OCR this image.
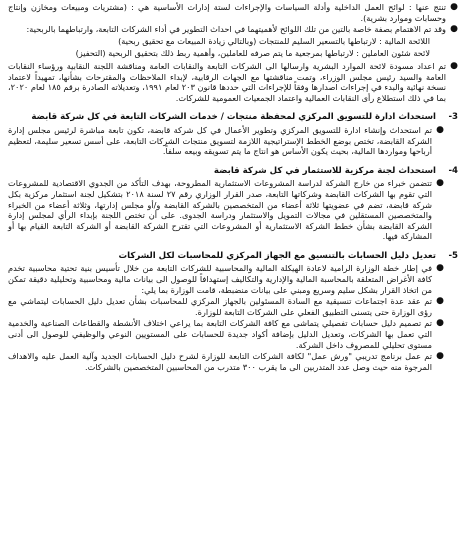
●
تنتج عنها : لوائح العمل الداخلية وأدلة السياسات والإجراءات لستة إدارات الأساسية هي : (مشتريات ومبيعات ومخازن وإنتاج وحسابات وموارد بشرية).
●
وقد تم الاهتمام بصفة خاصة بالتين من تلك اللوائح لأهميتهما في احداث التطوير في أداء الشركات التابعة، وارتباطهما بالربحية:
اللائحة المالية : لارتباطها بالتسعير السليم للمنتجات (وبالتالي زيادة المبيعات مع تحقيق ربحية)
لائحة شئون العاملين : لارتباطها بمرجعية ما يتم صرفه للعاملين، وأهمية ربط ذلك بتحقيق الربحية (التحفيز)
●
تم اعداد مسودة لائحة الموارد البشرية وارسالها الى الشركات التابعة والنقابات العامة ومناقشة اللجنة النقابية ورؤساء النقابات العامة والسيد رئيس مجلس الوزراء، وتمت مناقشتها مع الجهات الرقابية، لإبداء الملاحظات والمقترحات بشأنها، تمهيداً لاعتماد نسخة نهائية والبدء في إجراءات اصدارها وفقاً للإجراءات التي حددها قانون ٢٠٣ لعام ١٩٩١، وتعديلاته الصادرة برقم ١٨٥ لعام ٢٠٢٠، بما في ذلك استطلاع رأى النقابات العمالية واعتماد الجمعيات العمومية للشركات.
-3
استحداث ادارة للتسويق المركزي لمحفظة منتجات / خدمات الشركات التابعة في كل شركة قابضة
●
تم استحداث وإنشاء ادارة للتسويق المركزي وتطوير الأعمال في كل شركة قابضة، تكون تابعة مباشرة لرئيس مجلس إدارة الشركة القابضة، تختص بوضع الخطط الإستراتيجية اللازمة لتسويق منتجات الشركات التابعة، على أسس تسعير سليمة، لتعظيم أرباحها ومواردها المالية، بحيث يكون الأساس هو انتاج ما يتم تسويقه وبيعه سلفاً.
-4
استحداث لجنة مركزية للاستثمار في كل شركة قابضة
●
تتضمن خبراء من خارج الشركة لدراسة المشروعات الاستثمارية المطروحة، بهدف التأكد من الجدوي الاقتصادية للمشروعات التي تقوم بها الشركات القابضة وشركاتها التابعة، صدر القرار الوزاري رقم ٢٧ لسنة ٢٠١٨ بتشكيل لجنة استثمار مركزية بكل شركة قابضة، تضم في عضويتها ثلاثة أعضاء من المتخصصين بالشركة القابضة و/أو مجلس إدارتها، وثلاثة أعضاء من الخبراء والمتخصصين المستقلين في مجالات التمويل والاستثمار ودراسة الجدوى. على أن تختص اللجنة بإبداء الرأي لمجلس إدارة الشركة القابضة بشأن خطط الشركة الاستثمارية أو المشروعات التي تقترح الشركة القابضة أو الشركة التابعة القيام بها أو المشاركة فيها.
-5
تعديل دليل الحسابات بالتنسيق مع الجهاز المركزي للمحاسبات لكل الشركات
●
في إطار خطة الوزارة الرامية لاعادة الهيكلة المالية والمحاسبية للشركات التابعة من خلال تأسيس بنية تحتية محاسبية تخدم كافة الأغراض المتعلقة بالمحاسبة المالية والإدارية والتكاليف إستهدافاً للوصول الى بيانات مالية ومحاسبية وتحليلية دقيقة تمكن من اتخاذ القرار بشكل سليم وسريع ومبني على بيانات منضبطة، قامت الوزارة بما يلي:
●
تم عقد عدة اجتماعات تنسيقية مع السادة المسئولين بالجهاز المركزي للمحاسبات بشأن تعديل دليل الحسابات ليتماشي مع رؤى الوزارة حتى يتسنى التطبيق الفعلي على الشركات التابعة للوزارة.
●
تم تصميم دليل حسابات تفصيلي يتماشى مع كافة الشركات التابعة بما يراعي اختلاف الأنشطة والقطاعات الصناعية والخدمية التي تعمل بها الشركات، وتعديل الدليل بإضافة أكواد جديدة للحسابات على المستويين النوعي والوظيفي للوصول الى أدنى مستوى تحليلي للمصروف داخل الشركة.
●
تم عمل برنامج تدريبي "ورش عمل" لكافة الشركات التابعة للوزارة لشرح دليل الحسابات الجديد وآلية العمل عليه والاهداف المرجوة منه حيث وصل عدد المتدربين الى ما يقرب ٣٠٠ متدرب من المحاسبين المتخصصين بالشركات.
